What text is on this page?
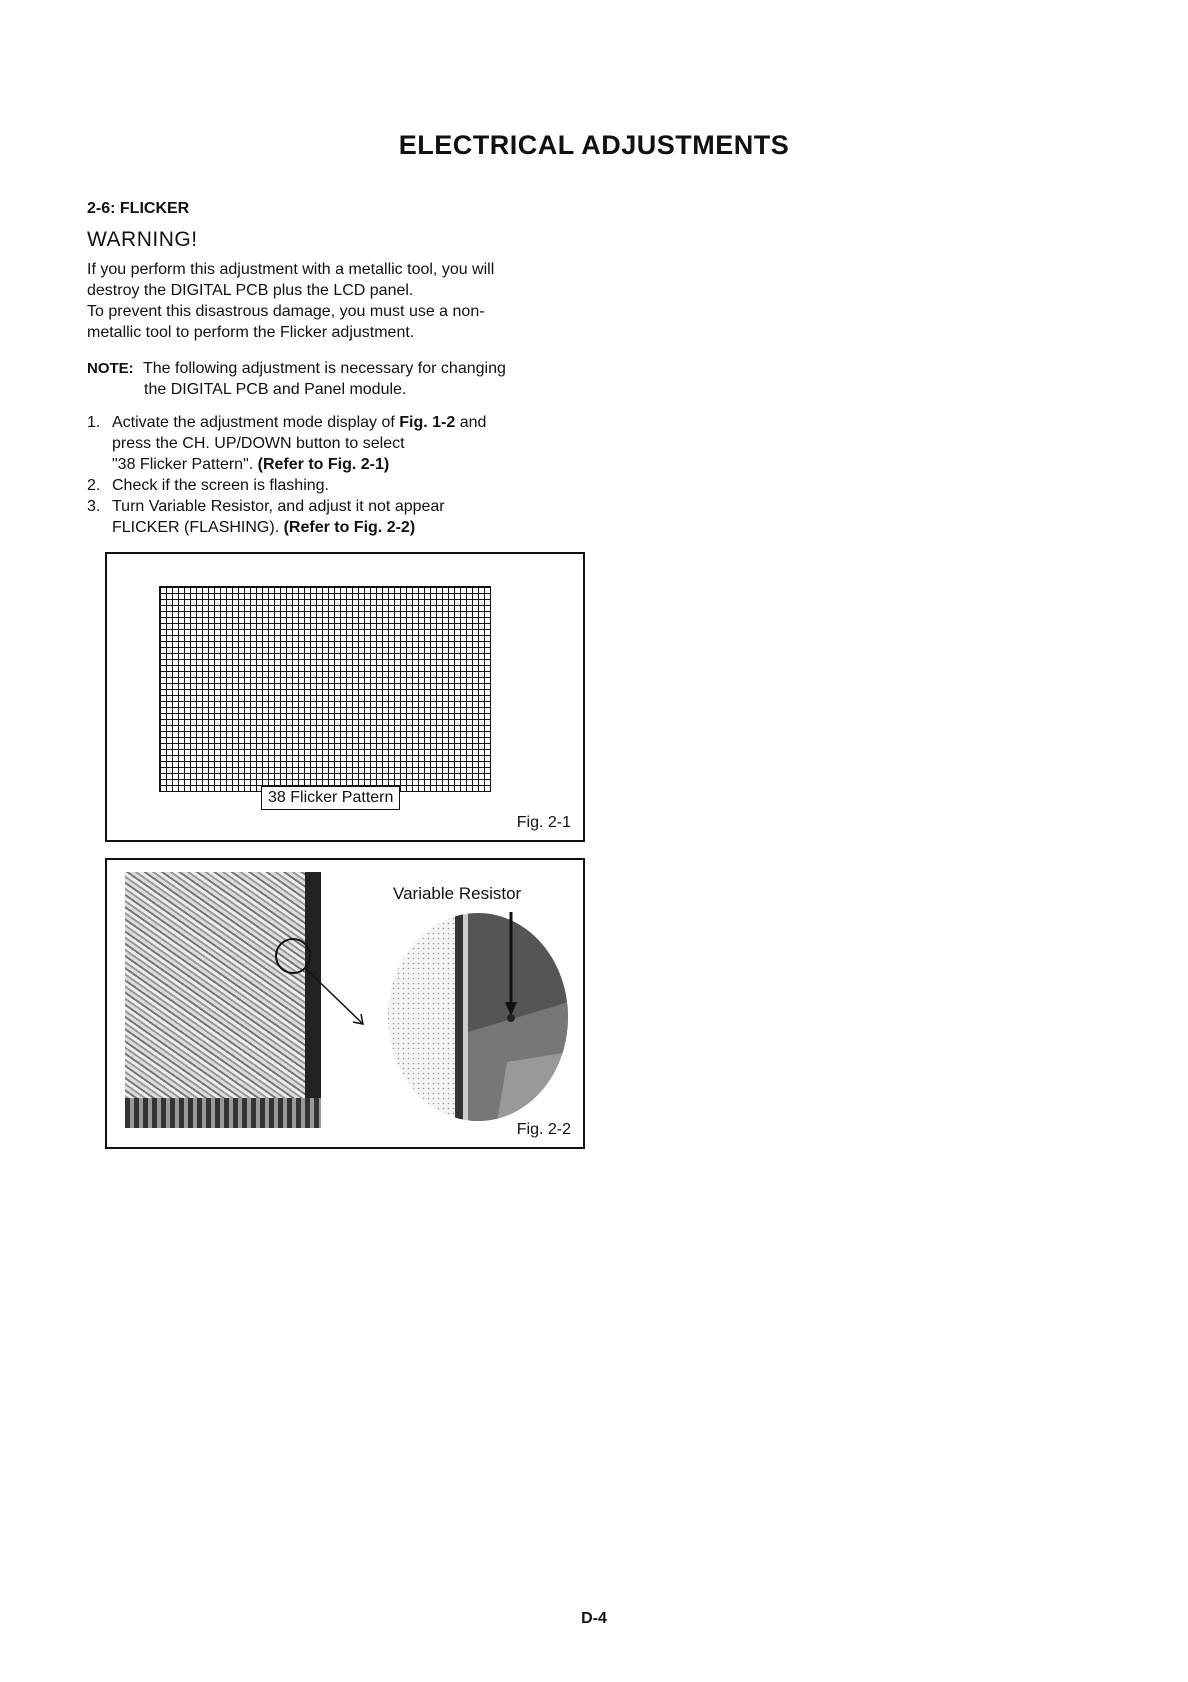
ELECTRICAL ADJUSTMENTS
2-6: FLICKER
WARNING!
If you perform this adjustment with a metallic tool, you will
destroy the DIGITAL PCB plus the LCD panel.
To prevent this disastrous damage, you must use a non-
metallic tool to perform the Flicker adjustment.
NOTE: The following adjustment is necessary for changing
the DIGITAL PCB and Panel module.
1. Activate the adjustment mode display of Fig. 1-2 and
press the CH. UP/DOWN button to select
"38 Flicker Pattern". (Refer to Fig. 2-1)
2. Check if the screen is flashing.
3. Turn Variable Resistor, and adjust it not appear
FLICKER (FLASHING). (Refer to Fig. 2-2)
38 Flicker Pattern
Fig. 2-1
Variable Resistor
Fig. 2-2
D-4
